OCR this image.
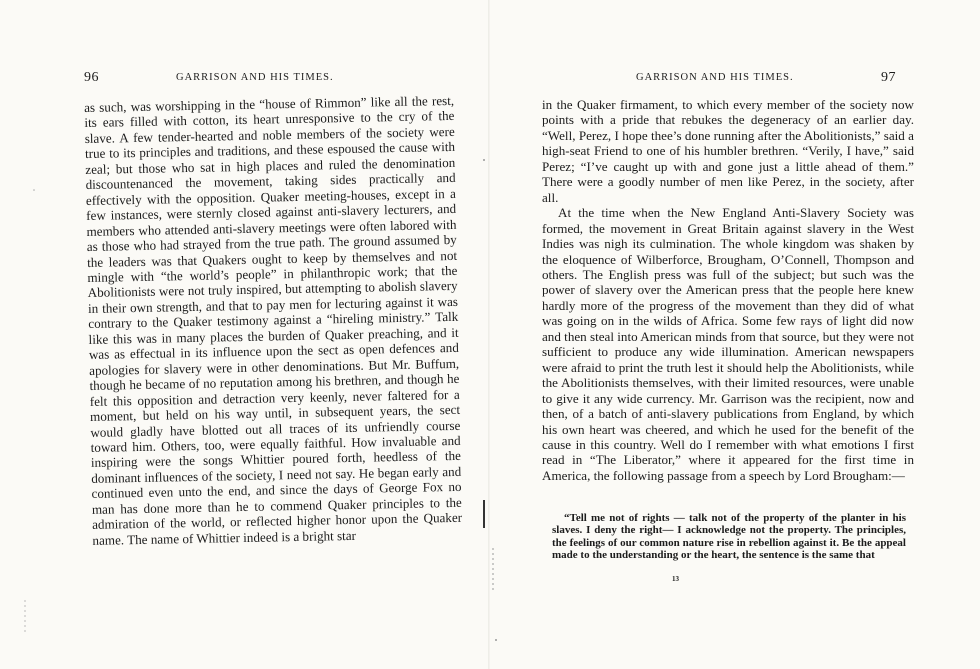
96	GARRISON AND HIS TIMES.

as such, was worshipping in the “house of Rimmon” like all the rest, its ears filled with cotton, its heart unresponsive to the cry of the slave. A few tender-hearted and noble members of the society were true to its principles and traditions, and these espoused the cause with zeal; but those who sat in high places and ruled the denomination discountenanced the movement, taking sides practically and effectively with the opposition. Quaker meeting-houses, except in a few instances, were sternly closed against anti-slavery lecturers, and members who attended anti-slavery meetings were often labored with as those who had strayed from the true path. The ground assumed by the leaders was that Quakers ought to keep by themselves and not mingle with “the world’s people” in philanthropic work; that the Abolitionists were not truly inspired, but attempting to abolish slavery in their own strength, and that to pay men for lecturing against it was contrary to the Quaker testimony against a “hireling ministry.” Talk like this was in many places the burden of Quaker preaching, and it was as effectual in its influence upon the sect as open defences and apologies for slavery were in other denominations. But Mr. Buffum, though he became of no reputation among his brethren, and though he felt this opposition and detraction very keenly, never faltered for a moment, but held on his way until, in subsequent years, the sect would gladly have blotted out all traces of its unfriendly course toward him. Others, too, were equally faithful. How invaluable and inspiring were the songs Whittier poured forth, heedless of the dominant influences of the society, I need not say. He began early and continued even unto the end, and since the days of George Fox no man has done more than he to commend Quaker principles to the admiration of the world, or reflected higher honor upon the Quaker name. The name of Whittier indeed is a bright star

GARRISON AND HIS TIMES.	97

in the Quaker firmament, to which every member of the society now points with a pride that rebukes the degeneracy of an earlier day. “Well, Perez, I hope thee’s done running after the Abolitionists,” said a high-seat Friend to one of his humbler brethren. “Verily, I have,” said Perez; “I’ve caught up with and gone just a little ahead of them.” There were a goodly number of men like Perez, in the society, after all.

At the time when the New England Anti-Slavery Society was formed, the movement in Great Britain against slavery in the West Indies was nigh its culmination. The whole kingdom was shaken by the eloquence of Wilberforce, Brougham, O’Connell, Thompson and others. The English press was full of the subject; but such was the power of slavery over the American press that the people here knew hardly more of the progress of the movement than they did of what was going on in the wilds of Africa. Some few rays of light did now and then steal into American minds from that source, but they were not sufficient to produce any wide illumination. American newspapers were afraid to print the truth lest it should help the Abolitionists, while the Abolitionists themselves, with their limited resources, were unable to give it any wide currency. Mr. Garrison was the recipient, now and then, of a batch of anti-slavery publications from England, by which his own heart was cheered, and which he used for the benefit of the cause in this country. Well do I remember with what emotions I first read in “The Liberator,” where it appeared for the first time in America, the following passage from a speech by Lord Brougham:—

“Tell me not of rights — talk not of the property of the planter in his slaves. I deny the right— I acknowledge not the property. The principles, the feelings of our common nature rise in rebellion against it. Be the appeal made to the understanding or the heart, the sentence is the same that
13
